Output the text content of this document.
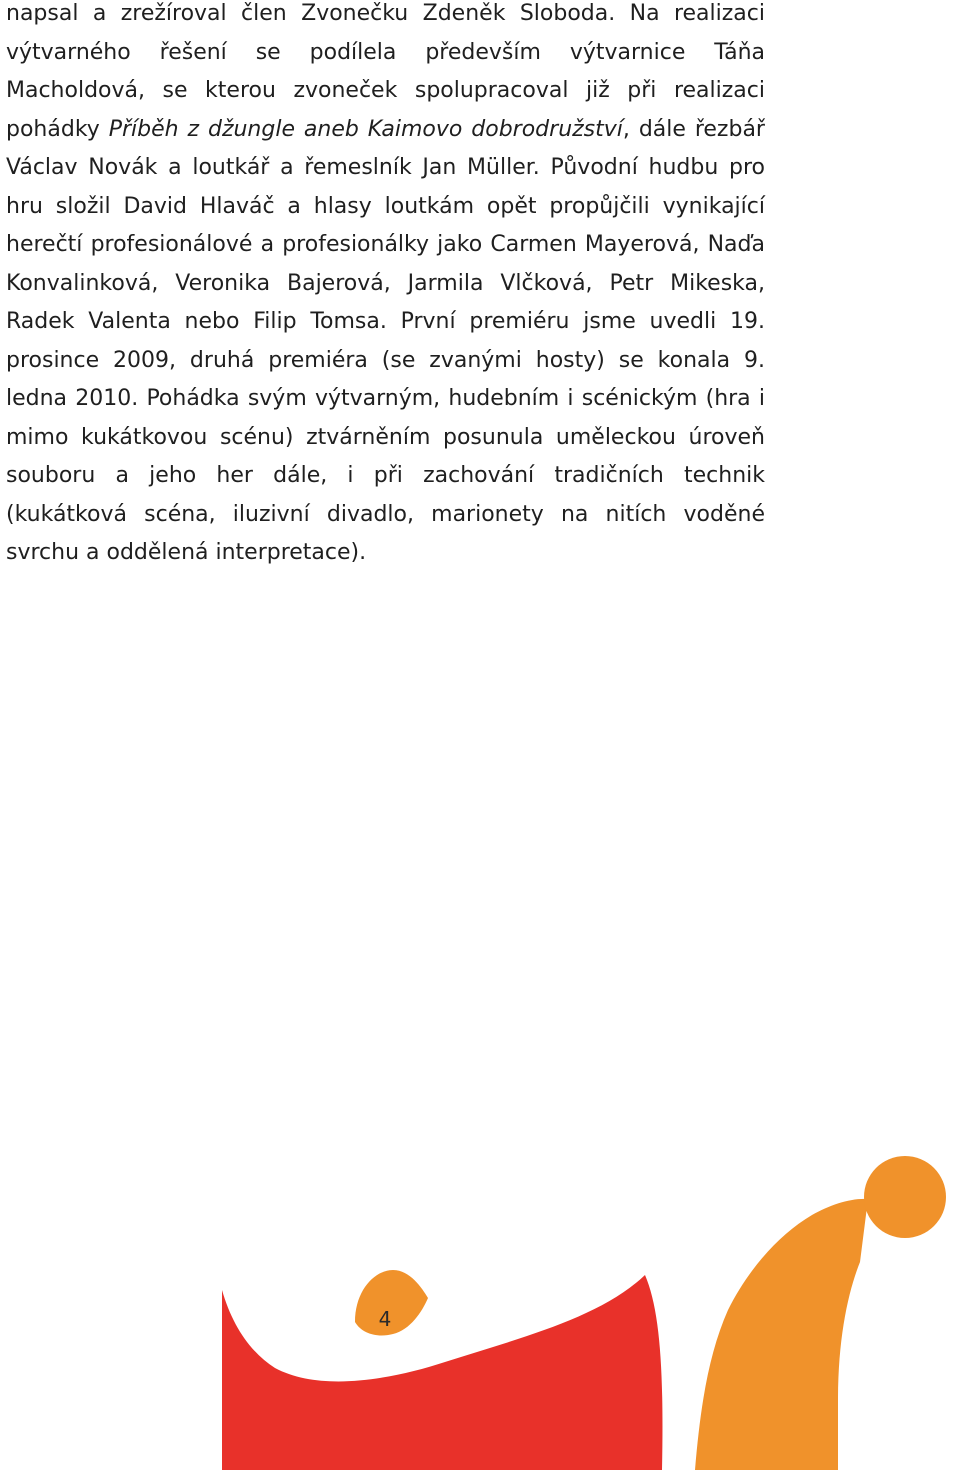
napsal a zrežíroval člen Zvonečku Zdeněk Sloboda. Na realizaci výtvarného řešení se podílela především výtvarnice Táňa Macholdová, se kterou zvoneček spolupracoval již při realizaci pohádky Příběh z džungle aneb Kaimovo dobrodružství, dále řezbář Václav Novák a loutkář a řemeslník Jan Müller. Původní hudbu pro hru složil David Hlaváč a hlasy loutkám opět propůjčili vynikající herečtí profesionálové a profesionálky jako Carmen Mayerová, Naďa Konvalinková, Veronika Bajerová, Jarmila Vlčková, Petr Mikeska, Radek Valenta nebo Filip Tomsa. První premiéru jsme uvedli 19. prosince 2009, druhá premiéra (se zvanými hosty) se konala 9. ledna 2010. Pohádka svým výtvarným, hudebním i scénickým (hra i mimo kukátkovou scénu) ztvárněním posunula uměleckou úroveň souboru a jeho her dále, i při zachování tradičních technik (kukátková scéna, iluzivní divadlo, marionety na nitích voděné svrchu a oddělená interpretace).

4
